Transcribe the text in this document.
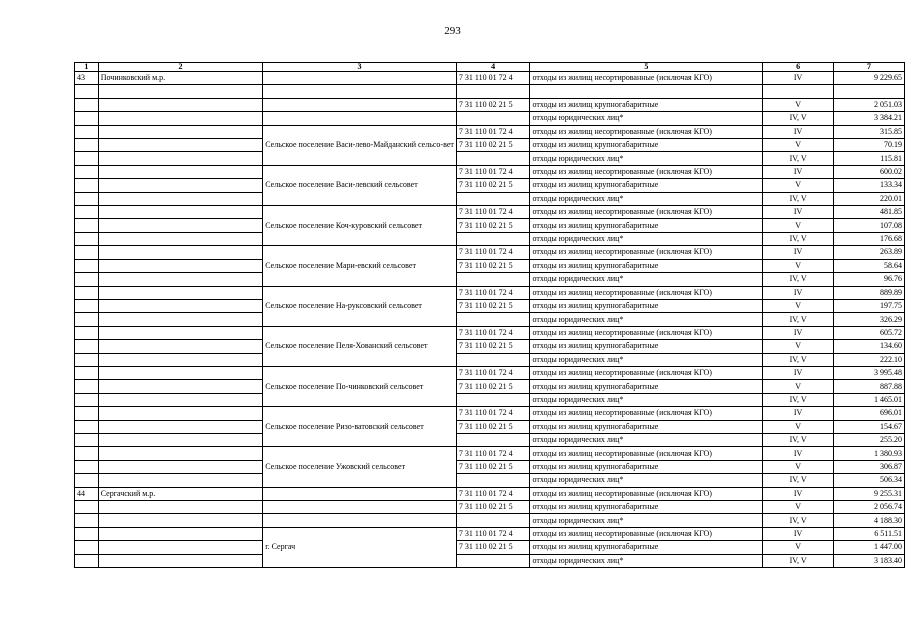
293
1	2	3	4	5	6	7
43	Починковский м.р.		7 31 110 01 72 4	отходы из жилищ несортированные (исключая КГО)	IV	9 229.65

			7 31 110 02 21 5	отходы из жилищ крупногабаритные	V	2 051.03
				отходы юридических лиц*	IV, V	3 384.21
		Сельское поселение Васи-лево-Майданский сельсо-вет	7 31 110 01 72 4	отходы из жилищ несортированные (исключая КГО)	IV	315.85
			7 31 110 02 21 5	отходы из жилищ крупногабаритные	V	70.19
				отходы юридических лиц*	IV, V	115.81
		Сельское поселение Васи-левский сельсовет	7 31 110 01 72 4	отходы из жилищ несортированные (исключая КГО)	IV	600.02
			7 31 110 02 21 5	отходы из жилищ крупногабаритные	V	133.34
				отходы юридических лиц*	IV, V	220.01
		Сельское поселение Коч-куровский сельсовет	7 31 110 01 72 4	отходы из жилищ несортированные (исключая КГО)	IV	481.85
			7 31 110 02 21 5	отходы из жилищ крупногабаритные	V	107.08
				отходы юридических лиц*	IV, V	176.68
		Сельское поселение Мари-евский сельсовет	7 31 110 01 72 4	отходы из жилищ несортированные (исключая КГО)	IV	263.89
			7 31 110 02 21 5	отходы из жилищ крупногабаритные	V	58.64
				отходы юридических лиц*	IV, V	96.76
		Сельское поселение На-руксовский сельсовет	7 31 110 01 72 4	отходы из жилищ несортированные (исключая КГО)	IV	889.89
			7 31 110 02 21 5	отходы из жилищ крупногабаритные	V	197.75
				отходы юридических лиц*	IV, V	326.29
		Сельское поселение Пеля-Хованский сельсовет	7 31 110 01 72 4	отходы из жилищ несортированные (исключая КГО)	IV	605.72
			7 31 110 02 21 5	отходы из жилищ крупногабаритные	V	134.60
				отходы юридических лиц*	IV, V	222.10
		Сельское поселение По-чинковский сельсовет	7 31 110 01 72 4	отходы из жилищ несортированные (исключая КГО)	IV	3 995.48
			7 31 110 02 21 5	отходы из жилищ крупногабаритные	V	887.88
				отходы юридических лиц*	IV, V	1 465.01
		Сельское поселение Ризо-ватовский сельсовет	7 31 110 01 72 4	отходы из жилищ несортированные (исключая КГО)	IV	696.01
			7 31 110 02 21 5	отходы из жилищ крупногабаритные	V	154.67
				отходы юридических лиц*	IV, V	255.20
		Сельское поселение Ужовский сельсовет	7 31 110 01 72 4	отходы из жилищ несортированные (исключая КГО)	IV	1 380.93
			7 31 110 02 21 5	отходы из жилищ крупногабаритные	V	306.87
				отходы юридических лиц*	IV, V	506.34
44	Сергачский м.р.		7 31 110 01 72 4	отходы из жилищ несортированные (исключая КГО)	IV	9 255.31
			7 31 110 02 21 5	отходы из жилищ крупногабаритные	V	2 056.74
				отходы юридических лиц*	IV, V	4 188.30
		г. Сергач	7 31 110 01 72 4	отходы из жилищ несортированные (исключая КГО)	IV	6 511.51
			7 31 110 02 21 5	отходы из жилищ крупногабаритные	V	1 447.00
				отходы юридических лиц*	IV, V	3 183.40
